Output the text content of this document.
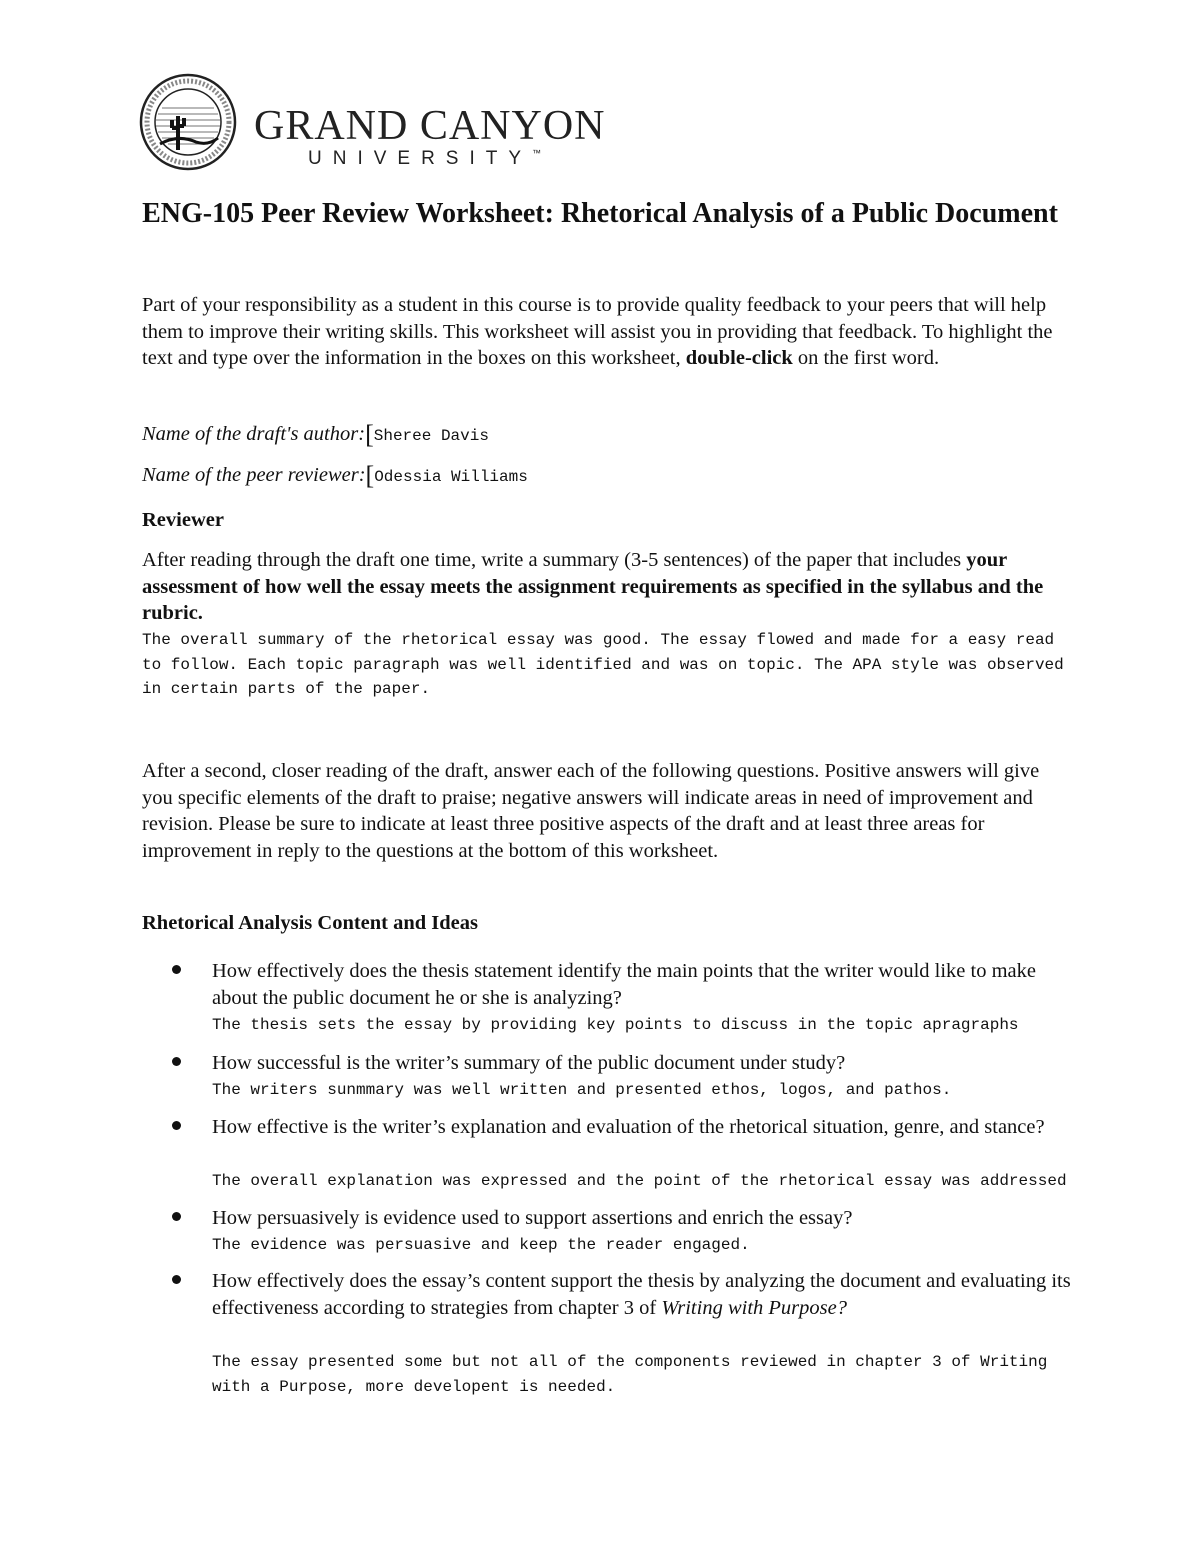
GRAND CANYON
UNIVERSITY™
ENG-105 Peer Review Worksheet: Rhetorical Analysis of a Public Document
Part of your responsibility as a student in this course is to provide quality feedback to your peers that will help them to improve their writing skills. This worksheet will assist you in providing that feedback. To highlight the text and type over the information in the boxes on this worksheet, double-click on the first word.
Name of the draft's author:[Sheree Davis
Name of the peer reviewer:[Odessia Williams
Reviewer
After reading through the draft one time, write a summary (3-5 sentences) of the paper that includes your assessment of how well the essay meets the assignment requirements as specified in the syllabus and the rubric.
The overall summary of the rhetorical essay was good. The essay flowed and made for a easy read to follow. Each topic paragraph was well identified and was on topic. The APA style was observed in certain parts of the paper.
After a second, closer reading of the draft, answer each of the following questions. Positive answers will give you specific elements of the draft to praise; negative answers will indicate areas in need of improvement and revision. Please be sure to indicate at least three positive aspects of the draft and at least three areas for improvement in reply to the questions at the bottom of this worksheet.
Rhetorical Analysis Content and Ideas
How effectively does the thesis statement identify the main points that the writer would like to make about the public document he or she is analyzing?
The thesis sets the essay by providing key points to discuss in the topic apragraphs
How successful is the writer’s summary of the public document under study?
The writers sunmmary was well written and presented ethos, logos, and pathos.
How effective is the writer’s explanation and evaluation of the rhetorical situation, genre, and stance?
The overall explanation was expressed and the point of the rhetorical essay was addressed
How persuasively is evidence used to support assertions and enrich the essay?
The evidence was persuasive and keep the reader engaged.
How effectively does the essay’s content support the thesis by analyzing the document and evaluating its effectiveness according to strategies from chapter 3 of Writing with Purpose?
The essay presented some but not all of the components reviewed in chapter 3 of Writing with a Purpose, more developent is needed.
